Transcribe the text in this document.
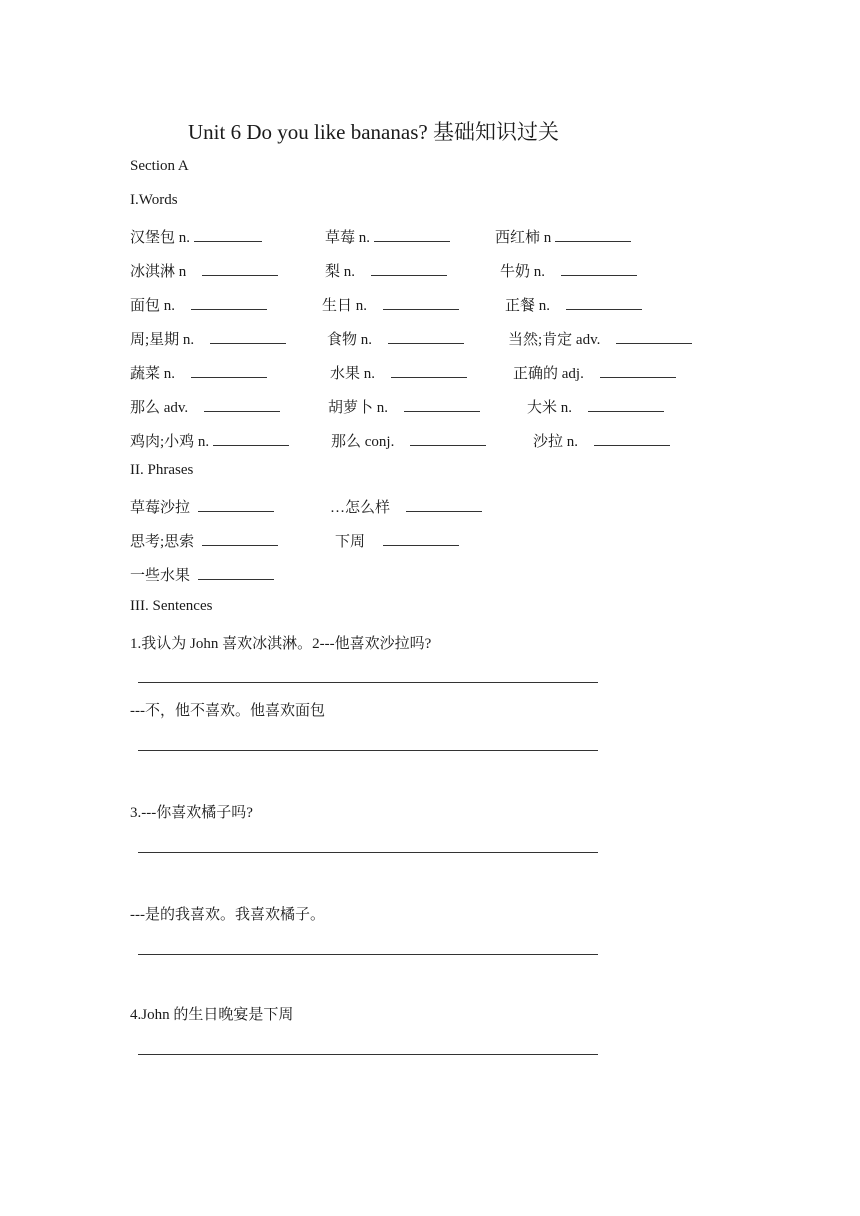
Unit 6 Do you like bananas? 基础知识过关
Section A
I.Words
汉堡包 n.	草莓 n.	西红柿 n
冰淇淋 n	梨 n.	牛奶 n.
面包 n.	生日 n.	正餐 n.
周;星期 n.	食物 n.	当然;肯定 adv.
蔬菜 n.	水果 n.	正确的 adj.
那么 adv.	胡萝卜 n.	大米 n.
鸡肉;小鸡 n.	那么 conj.	沙拉 n.
II. Phrases
草莓沙拉	…怎么样
思考;思索	下周
一些水果
III. Sentences
1.我认为 John 喜欢冰淇淋。2---他喜欢沙拉吗?
---不，他不喜欢。他喜欢面包
3.---你喜欢橘子吗?
---是的我喜欢。我喜欢橘子。
4.John 的生日晚宴是下周
